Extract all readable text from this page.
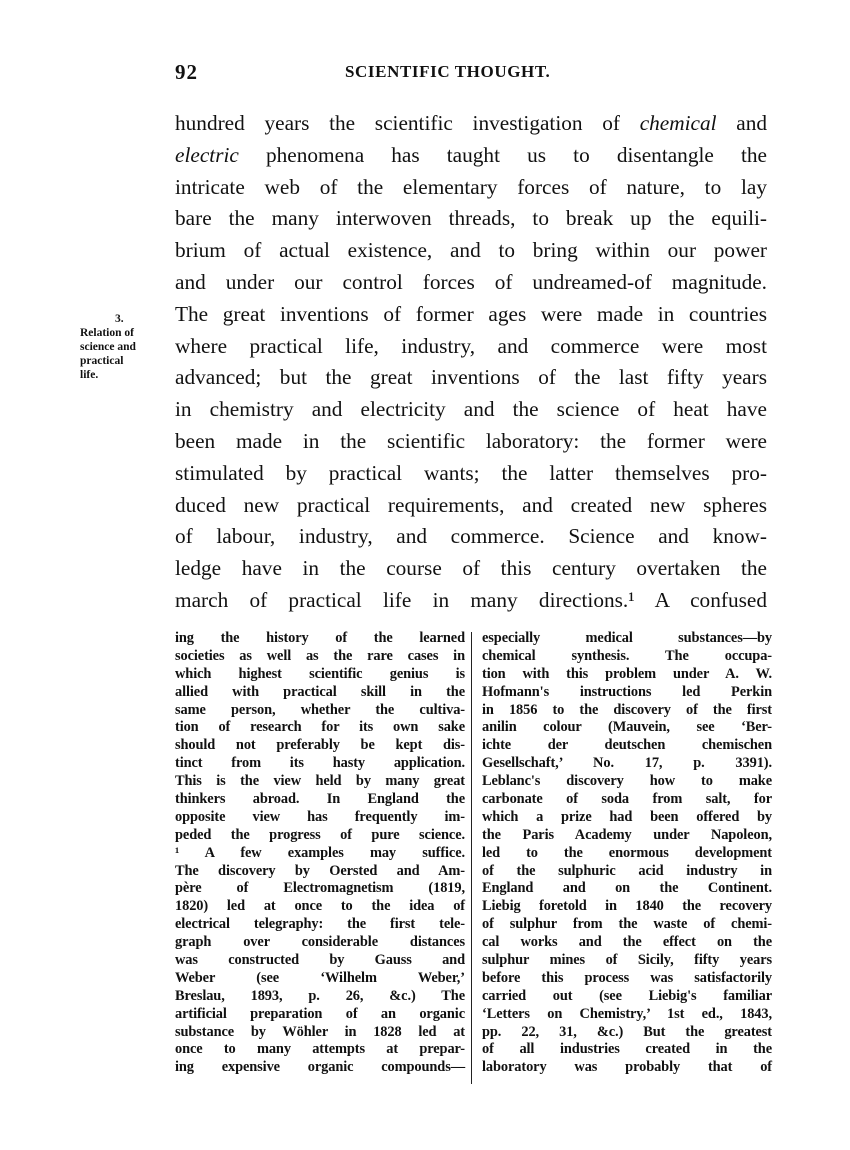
92	SCIENTIFIC THOUGHT.
3.
Relation of
science and
practical
life.
hundred years the scientific investigation of chemical and
electric phenomena has taught us to disentangle the
intricate web of the elementary forces of nature, to lay
bare the many interwoven threads, to break up the equili-
brium of actual existence, and to bring within our power
and under our control forces of undreamed-of magnitude.
The great inventions of former ages were made in countries
where practical life, industry, and commerce were most
advanced; but the great inventions of the last fifty years
in chemistry and electricity and the science of heat have
been made in the scientific laboratory: the former were
stimulated by practical wants; the latter themselves pro-
duced new practical requirements, and created new spheres
of labour, industry, and commerce. Science and know-
ledge have in the course of this century overtaken the
march of practical life in many directions.¹ A confused
ing the history of the learned
societies as well as the rare cases in
which highest scientific genius is
allied with practical skill in the
same person, whether the cultiva-
tion of research for its own sake
should not preferably be kept dis-
tinct from its hasty application.
This is the view held by many great
thinkers abroad. In England the
opposite view has frequently im-
peded the progress of pure science.
¹ A few examples may suffice.
The discovery by Oersted and Am-
père of Electromagnetism (1819,
1820) led at once to the idea of
electrical telegraphy: the first tele-
graph over considerable distances
was constructed by Gauss and
Weber (see ‘Wilhelm Weber,’
Breslau, 1893, p. 26, &c.) The
artificial preparation of an organic
substance by Wöhler in 1828 led at
once to many attempts at prepar-
ing expensive organic compounds—
especially medical substances—by
chemical synthesis. The occupa-
tion with this problem under A. W.
Hofmann's instructions led Perkin
in 1856 to the discovery of the first
anilin colour (Mauvein, see ‘Ber-
ichte der deutschen chemischen
Gesellschaft,’ No. 17, p. 3391).
Leblanc's discovery how to make
carbonate of soda from salt, for
which a prize had been offered by
the Paris Academy under Napoleon,
led to the enormous development
of the sulphuric acid industry in
England and on the Continent.
Liebig foretold in 1840 the recovery
of sulphur from the waste of chemi-
cal works and the effect on the
sulphur mines of Sicily, fifty years
before this process was satisfactorily
carried out (see Liebig's familiar
‘Letters on Chemistry,’ 1st ed., 1843,
pp. 22, 31, &c.) But the greatest
of all industries created in the
laboratory was probably that of
